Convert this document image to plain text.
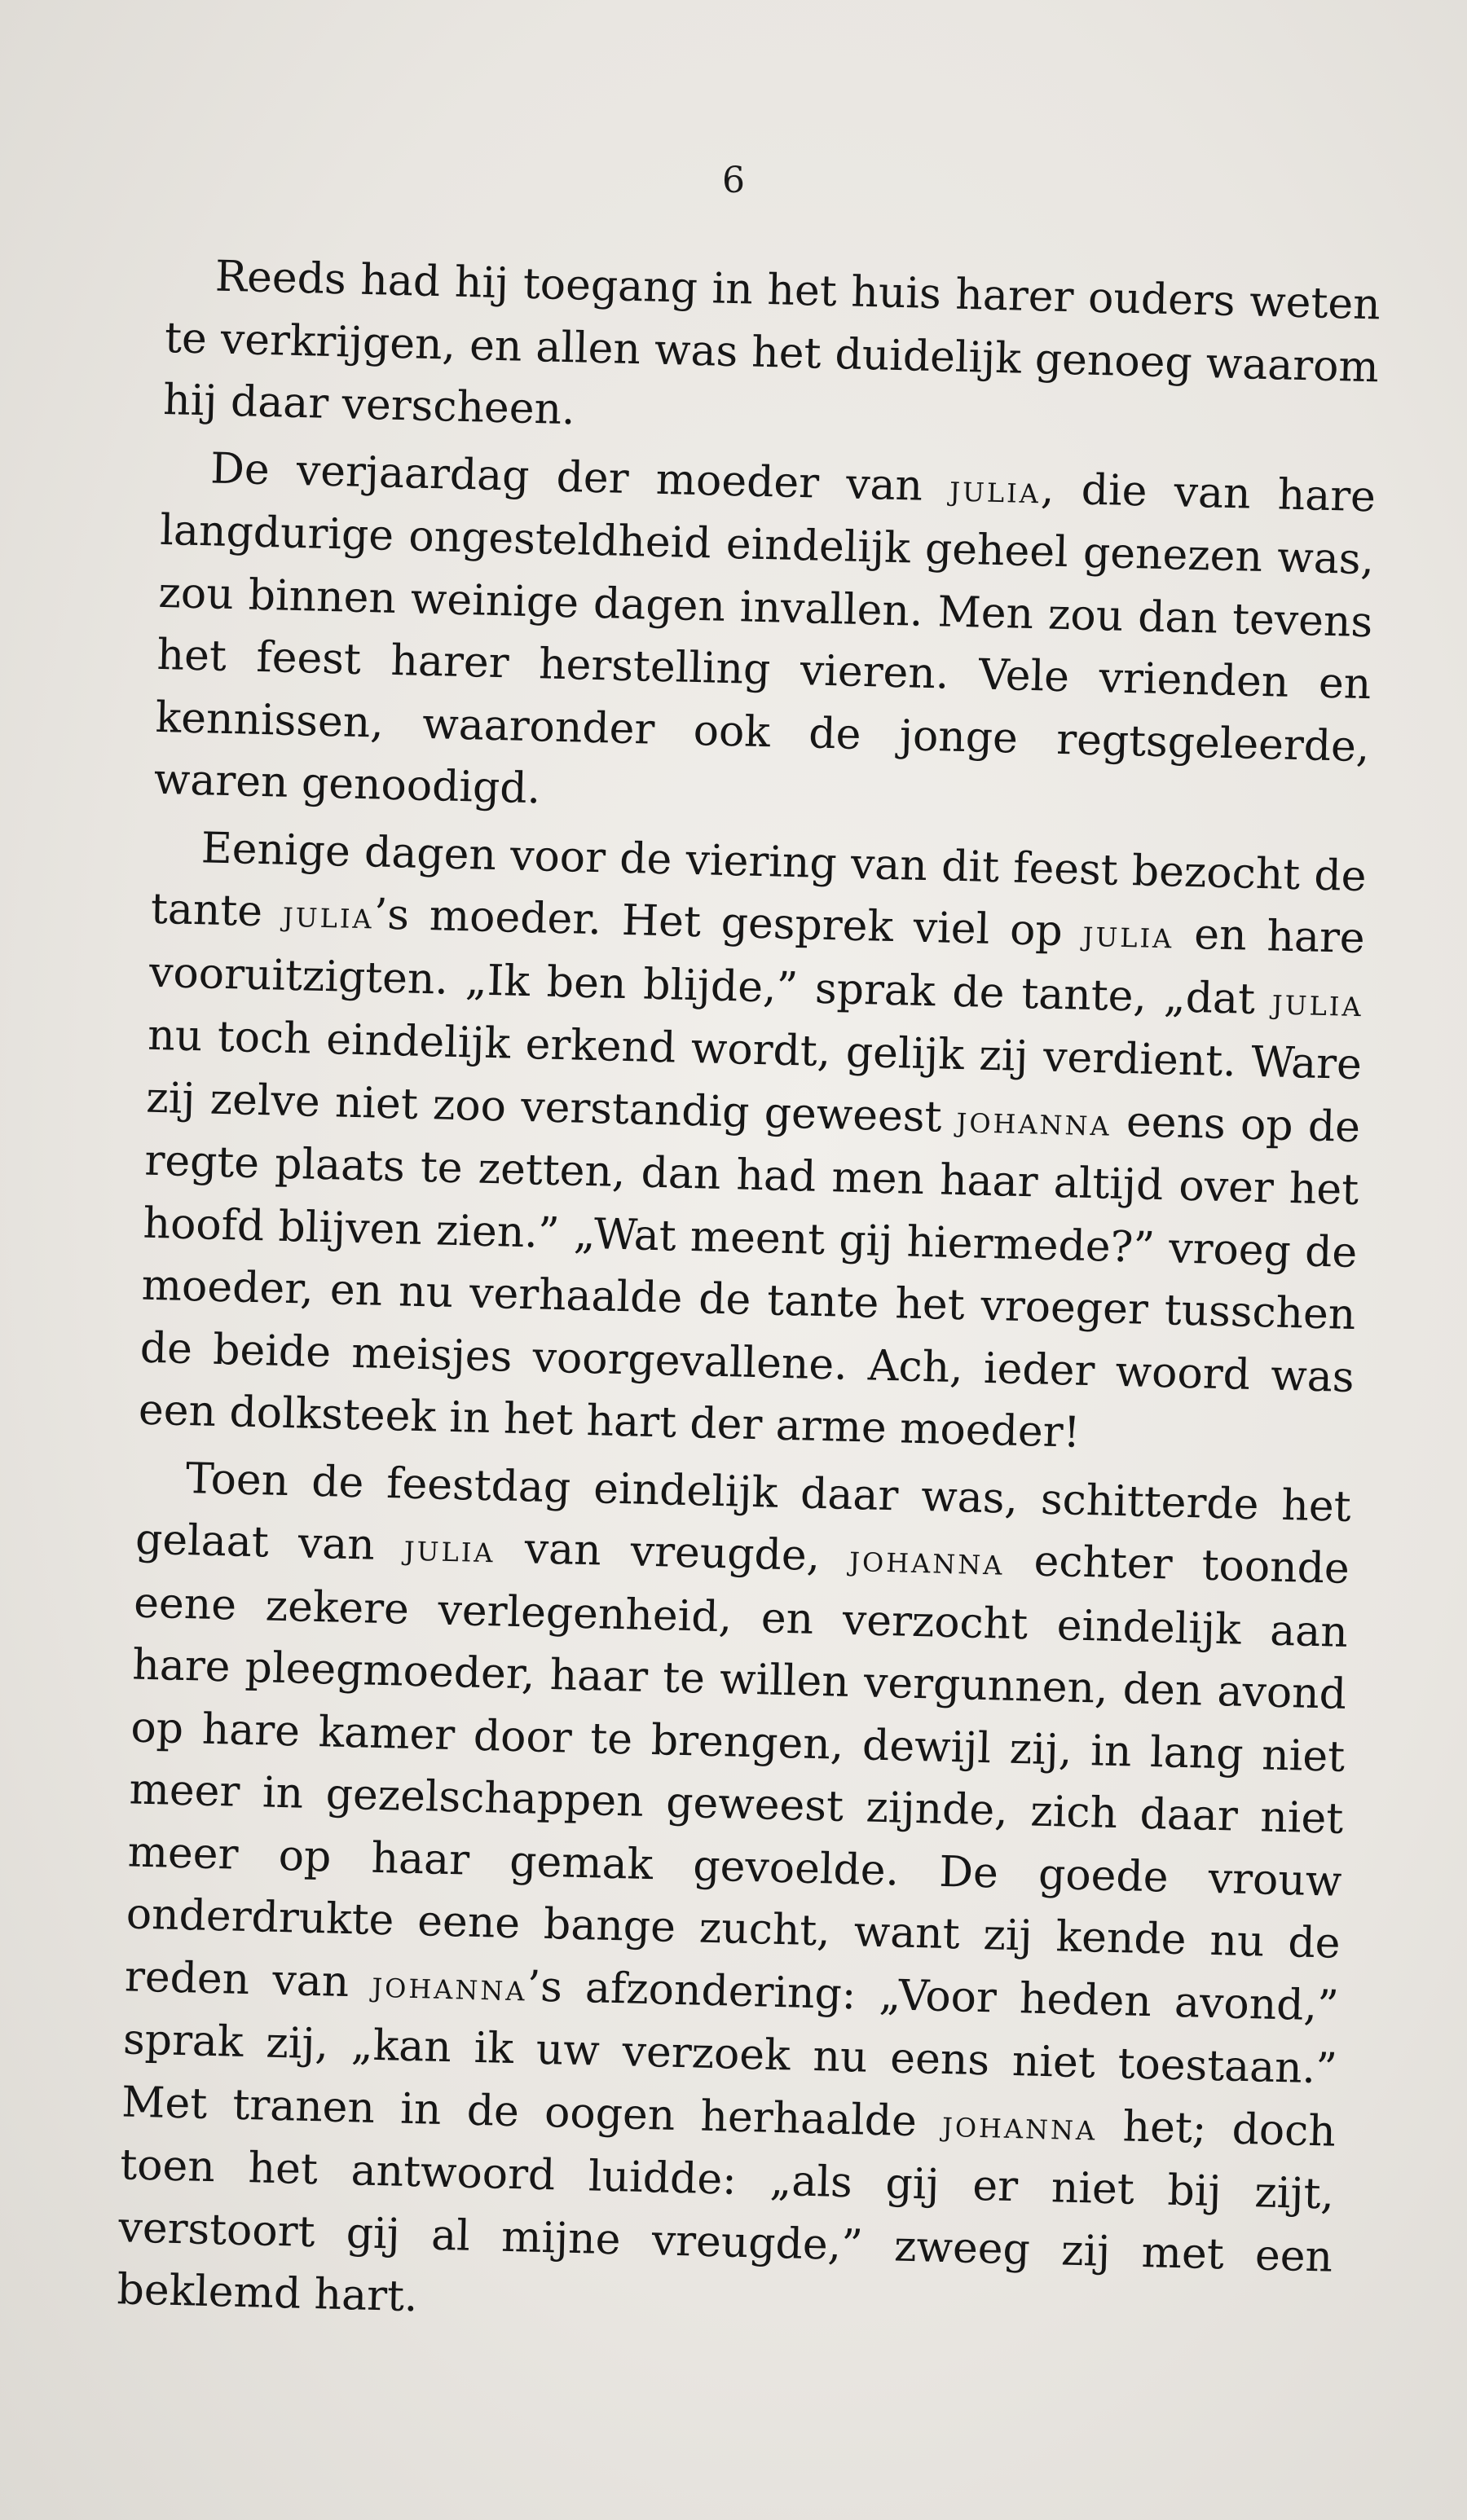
6

Reeds had hij toegang in het huis harer ouders weten te verkrijgen, en allen was het duidelijk genoeg waarom hij daar verscheen.

De verjaardag der moeder van julia, die van hare langdurige ongesteldheid eindelijk geheel genezen was, zou binnen weinige dagen invallen. Men zou dan tevens het feest harer herstelling vieren. Vele vrienden en kennissen, waaronder ook de jonge regtsgeleerde, waren genoodigd.

Eenige dagen voor de viering van dit feest bezocht de tante julia’s moeder. Het gesprek viel op julia en hare vooruitzigten. „Ik ben blijde,” sprak de tante, „dat julia nu toch eindelijk erkend wordt, gelijk zij verdient. Ware zij zelve niet zoo verstandig geweest johanna eens op de regte plaats te zetten, dan had men haar altijd over het hoofd blijven zien.” „Wat meent gij hiermede?” vroeg de moeder, en nu verhaalde de tante het vroeger tusschen de beide meisjes voorgevallene. Ach, ieder woord was een dolksteek in het hart der arme moeder!

Toen de feestdag eindelijk daar was, schitterde het gelaat van julia van vreugde, johanna echter toonde eene zekere verlegenheid, en verzocht eindelijk aan hare pleegmoeder, haar te willen vergunnen, den avond op hare kamer door te brengen, dewijl zij, in lang niet meer in gezelschappen geweest zijnde, zich daar niet meer op haar gemak gevoelde. De goede vrouw onderdrukte eene bange zucht, want zij kende nu de reden van johanna’s afzondering: „Voor heden avond,” sprak zij, „kan ik uw verzoek nu eens niet toestaan.” Met tranen in de oogen herhaalde johanna het; doch toen het antwoord luidde: „als gij er niet bij zijt, verstoort gij al mijne vreugde,” zweeg zij met een beklemd hart.
